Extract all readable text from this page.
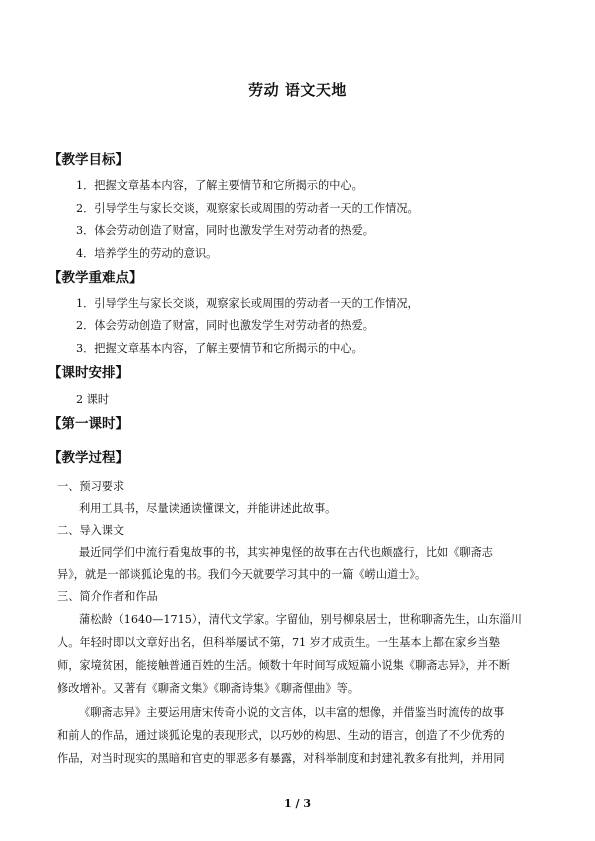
劳动 语文天地
【教学目标】
1．把握文章基本内容，了解主要情节和它所揭示的中心。
2．引导学生与家长交谈，观察家长或周围的劳动者一天的工作情况。
3．体会劳动创造了财富，同时也激发学生对劳动者的热爱。
4．培养学生的劳动的意识。
【教学重难点】
1．引导学生与家长交谈，观察家长或周围的劳动者一天的工作情况，
2．体会劳动创造了财富，同时也激发学生对劳动者的热爱。
3．把握文章基本内容，了解主要情节和它所揭示的中心。
【课时安排】
2 课时
【第一课时】
【教学过程】
一、预习要求
利用工具书，尽量读通读懂课文，并能讲述此故事。
二、导入课文
最近同学们中流行看鬼故事的书，其实神鬼怪的故事在古代也颇盛行，比如《聊斋志
异》，就是一部谈狐论鬼的书。我们今天就要学习其中的一篇《崂山道士》。
三、简介作者和作品
蒲松龄（1640—1715），清代文学家。字留仙，别号柳泉居士，世称聊斋先生，山东淄川
人。年轻时即以文章好出名，但科举屡试不第，71 岁才成贡生。一生基本上都在家乡当塾
师，家境贫困，能接触普通百姓的生活。倾数十年时间写成短篇小说集《聊斋志异》，并不断
修改增补。又著有《聊斋文集》《聊斋诗集》《聊斋俚曲》等。
《聊斋志异》主要运用唐宋传奇小说的文言体，以丰富的想像，并借鉴当时流传的故事
和前人的作品，通过谈狐论鬼的表现形式，以巧妙的构思、生动的语言，创造了不少优秀的
作品，对当时现实的黑暗和官吏的罪恶多有暴露，对科举制度和封建礼教多有批判，并用同
1 / 3
